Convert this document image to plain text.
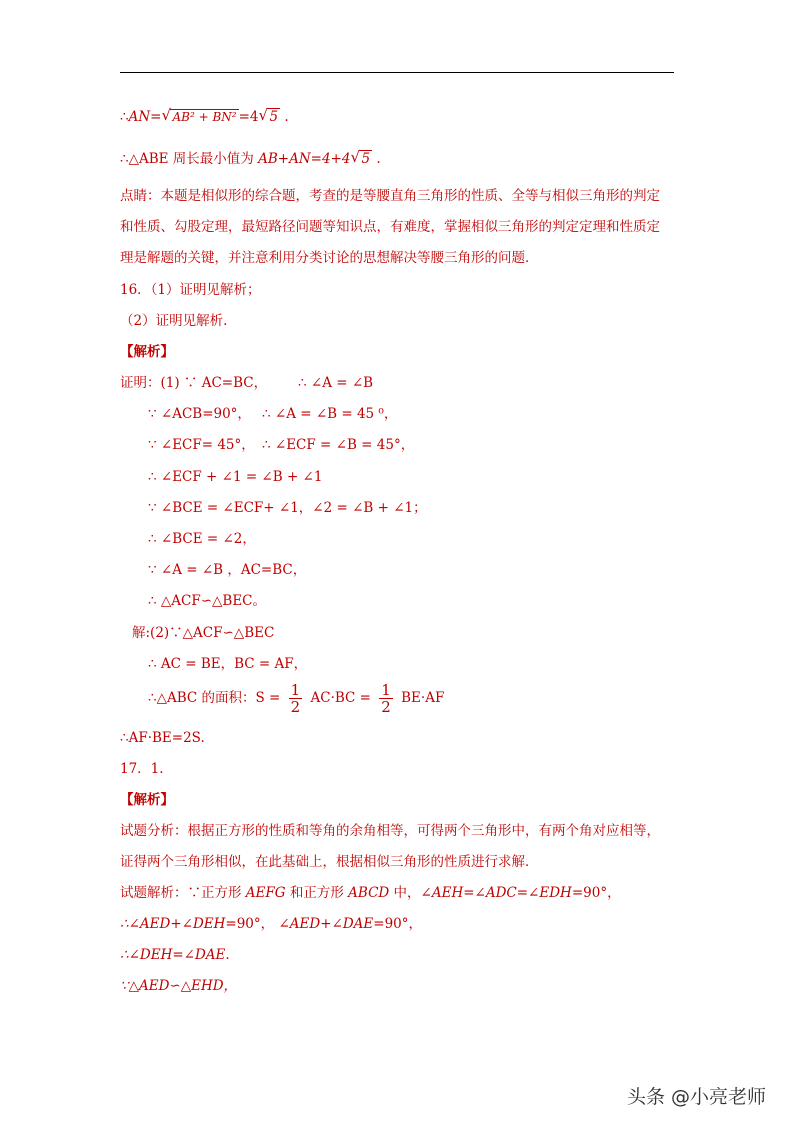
∴AN= √ AB² + BN² =4 √ 5 .
∴△ABE 周长最小值为 AB+AN=4+4 √ 5 .
点睛：本题是相似形的综合题，考查的是等腰直角三角形的性质、全等与相似三角形的判定
和性质、勾股定理，最短路径问题等知识点，有难度，掌握相似三角形的判定定理和性质定
理是解题的关键，并注意利用分类讨论的思想解决等腰三角形的问题．
16．（1）证明见解析；
（2）证明见解析.
【解析】
证明：(1) ∵ AC=BC， ∴ ∠A = ∠B
∵ ∠ACB=90°， ∴ ∠A = ∠B = 45 ⁰，
∵ ∠ECF= 45°， ∴ ∠ECF = ∠B = 45°，
∴ ∠ECF + ∠1 = ∠B + ∠1
∵ ∠BCE = ∠ECF+ ∠1，∠2 = ∠B + ∠1；
∴ ∠BCE = ∠2，
∵ ∠A = ∠B ，AC=BC，
∴ △ACF∽△BEC。
解:(2)∵△ACF∽△BEC
∴ AC = BE，BC = AF，
∴△ABC 的面积：$S = \frac{1}{2} AC\cdot BC = \frac{1}{2} BE\cdot AF$
∴AF·BE=2S.
17．1.
【解析】
试题分析：根据正方形的性质和等角的余角相等，可得两个三角形中，有两个角对应相等，
证得两个三角形相似，在此基础上，根据相似三角形的性质进行求解．
试题解析：∵正方形 AEFG 和正方形 ABCD 中，∠AEH=∠ADC=∠EDH=90°，
∴∠AED+∠DEH=90°， ∠AED+∠DAE=90°，
∴∠DEH=∠DAE.
∵△AED∽△EHD，
头条 @小亮老师
